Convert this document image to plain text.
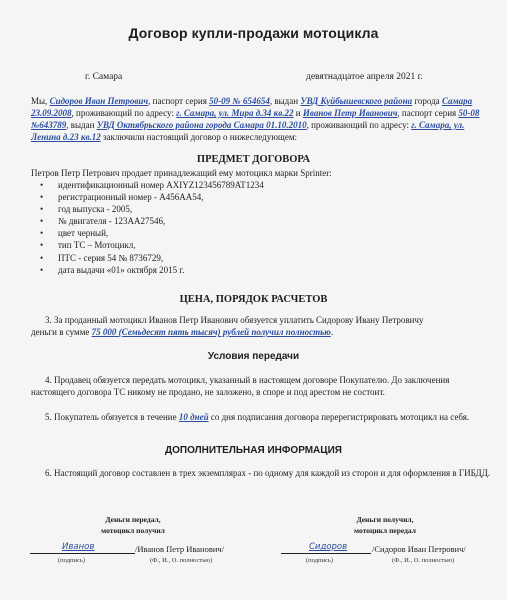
Договор купли-продажи мотоцикла
г. Самара	девятнадцатое апреля 2021 г.
Мы, Сидоров Иван Петрович, паспорт серия 50-09 № 654654, выдан УВД Куйбышевского района города Самара 23.09.2008, проживающий по адресу: г. Самара, ул. Мира д.34 кв.22 и Иванов Петр Иванович, паспорт серия 50-08 №643789, выдан УВД Октябрьского района города Самара 01.10.2010, проживающий по адресу: г. Самара, ул. Ленина д.23 кв.12 заключили настоящий договор о нижеследующем:
ПРЕДМЕТ ДОГОВОРА
Петров Петр Петрович продает принадлежащий ему мотоцикл марки Sprinter:
• идентификационный номер AXIYZ123456789AT1234
• регистрационный номер - А456АА54,
• год выпуска - 2005,
• № двигателя - 123АА27546,
• цвет черный,
• тип ТС – Мотоцикл,
• ПТС - серия 54 № 8736729,
• дата выдачи «01» октября 2015 г.
ЦЕНА, ПОРЯДОК РАСЧЕТОВ
3. За проданный мотоцикл Иванов Петр Иванович обязуется уплатить Сидорову Ивану Петровичу
деньги в сумме 75 000 (Семьдесят пять тысяч) рублей получил полностью.
Условия передачи
4. Продавец обязуется передать мотоцикл, указанный в настоящем договоре Покупателю. До заключения настоящего договора ТС никому не продано, не заложено, в споре и под арестом не состоит.
5. Покупатель обязуется в течение 10 дней со дня подписания договора перерегистрировать мотоцикл на себя.
ДОПОЛНИТЕЛЬНАЯ ИНФОРМАЦИЯ
6. Настоящий договор составлен в трех экземплярах - по одному для каждой из сторон и для оформления в ГИБДД.
Деньги передал,
мотоцикл получил
Деньги получил,
мотоцикл передал
Иванов	/Иванов Петр Иванович/
(подпись)	(Ф., И., О. полностью)
Сидоров	/Сидоров Иван Петрович/
(подпись)	(Ф., И., О. полностью)
